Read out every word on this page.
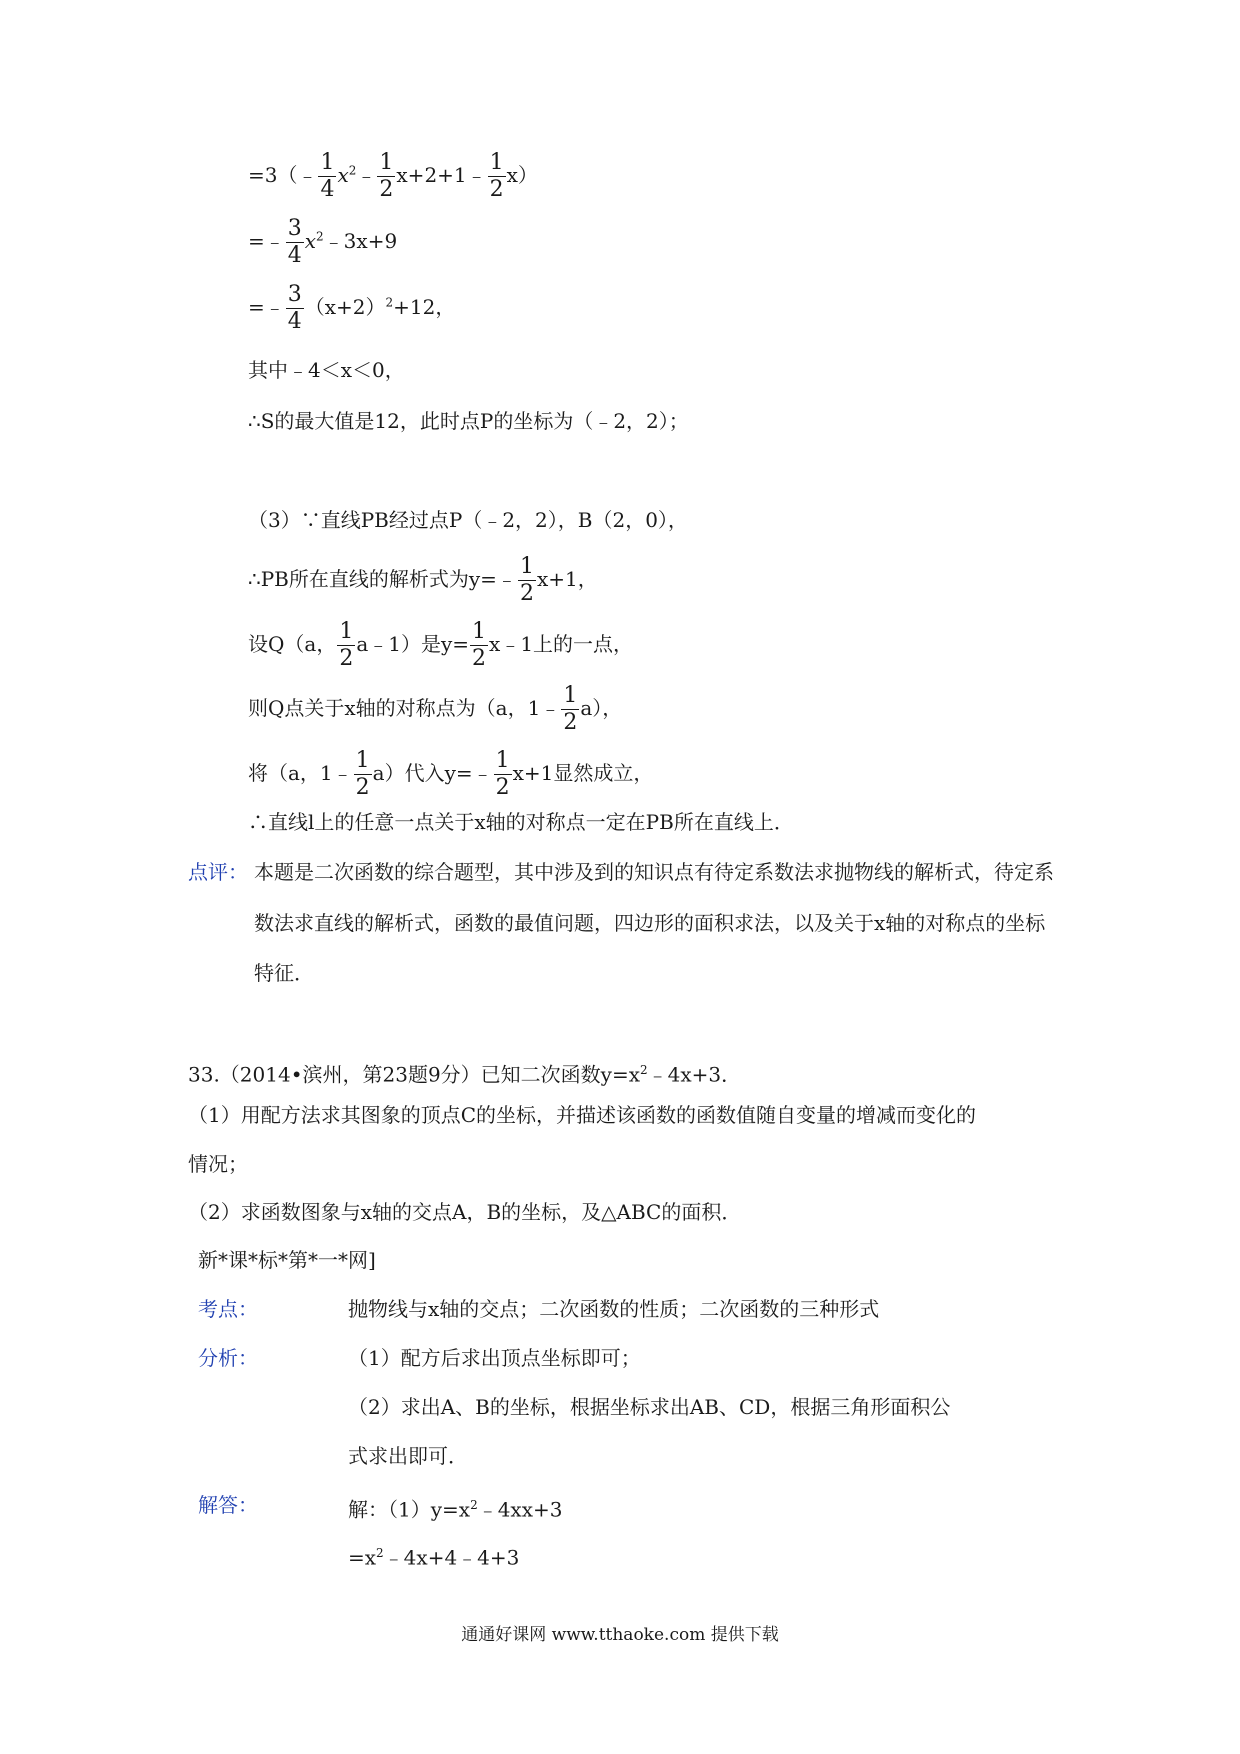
=3（﹣ $\frac{1}{4}$ $x^2﹣ \frac{1}{2}$ x+2+1﹣ $\frac{1}{2} x$）
=﹣ $\frac{3}{4}$ $x^2﹣3x+9$
=﹣ $\frac{3}{4} (x+2)^2+12$，
其中﹣4＜x＜0，
∴S的最大值是12，此时点P的坐标为（﹣2，2）；
（3）∵直线PB经过点P（﹣2，2），B（2，0），
∴PB所在直线的解析式为y=﹣ $\frac{1}{2} x+1$，
设Q（a， $\frac{1}{2}$ a﹣1）是$y= \frac{1}{2}$ x﹣1上的一点，
则Q点关于x轴的对称点为（a，1﹣ $\frac{1}{2} a$），
将（a，1﹣ $\frac{1}{2} a$）代入y=﹣ $\frac{1}{2} x+1$显然成立，
∴直线l上的任意一点关于x轴的对称点一定在PB所在直线上．
点评： 本题是二次函数的综合题型，其中涉及到的知识点有待定系数法求抛物线的解析式，待定系
数法求直线的解析式，函数的最值问题，四边形的面积求法，以及关于x轴的对称点的坐标
特征．
33.（2014•滨州，第23题9分）已知二次函数$y=x^2﹣4x+3$．
（1）用配方法求其图象的顶点C的坐标，并描述该函数的函数值随自变量的增减而变化的
情况；
（2）求函数图象与x轴的交点A，B的坐标，及△ABC的面积．
新*课*标*第*一*网]
考点：	抛物线与x轴的交点；二次函数的性质；二次函数的三种形式
分析：	（1）配方后求出顶点坐标即可；
（2）求出A、B的坐标，根据坐标求出AB、CD，根据三角形面积公
式求出即可．
解答：	解：$(1)y=x^2﹣4xx+3$
$=x^2﹣4x+4﹣4+3$
通通好课网 www.tthaoke.com 提供下载
